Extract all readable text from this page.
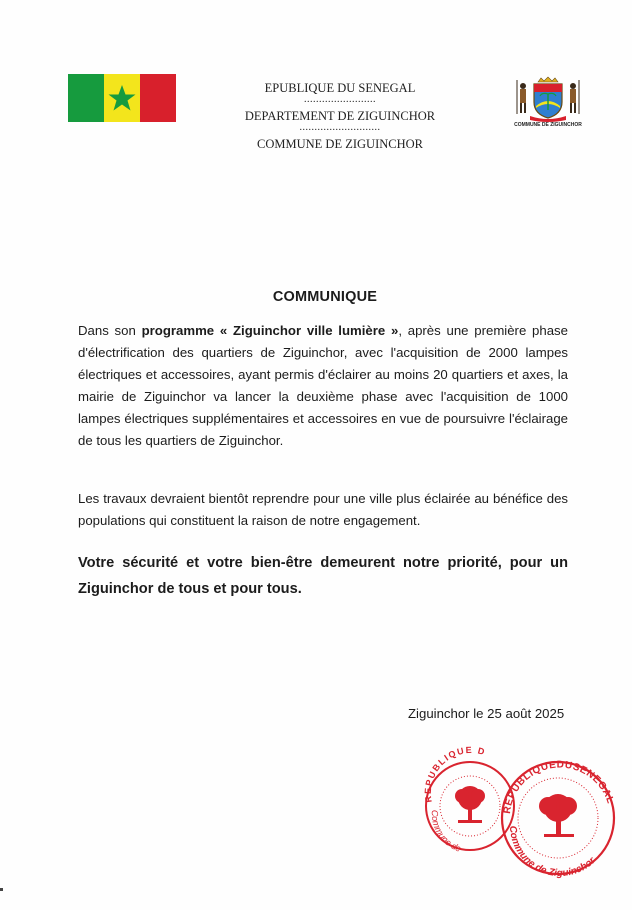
EPUBLIQUE DU SENEGAL
........................
DEPARTEMENT DE ZIGUINCHOR
...........................
COMMUNE DE ZIGUINCHOR
COMMUNE DE ZIGUINCHOR
COMMUNIQUE
Dans son programme « Ziguinchor ville lumière », après une première phase d'électrification des quartiers de Ziguinchor, avec l'acquisition de 2000 lampes électriques et accessoires, ayant permis d'éclairer au moins 20 quartiers et axes, la mairie de Ziguinchor va lancer la deuxième phase avec l'acquisition de 1000 lampes électriques supplémentaires et accessoires en vue de poursuivre l'éclairage de tous les quartiers de Ziguinchor.
Les travaux devraient bientôt reprendre pour une ville plus éclairée au bénéfice des populations qui constituent la raison de notre engagement.
Votre sécurité et votre bien-être demeurent notre priorité, pour un Ziguinchor de tous et pour tous.
Ziguinchor le 25 août 2025
REPUBLIQUE D
Commune de
REPUBLIQUEDUSENEGAL
Commune de Ziguinchor
